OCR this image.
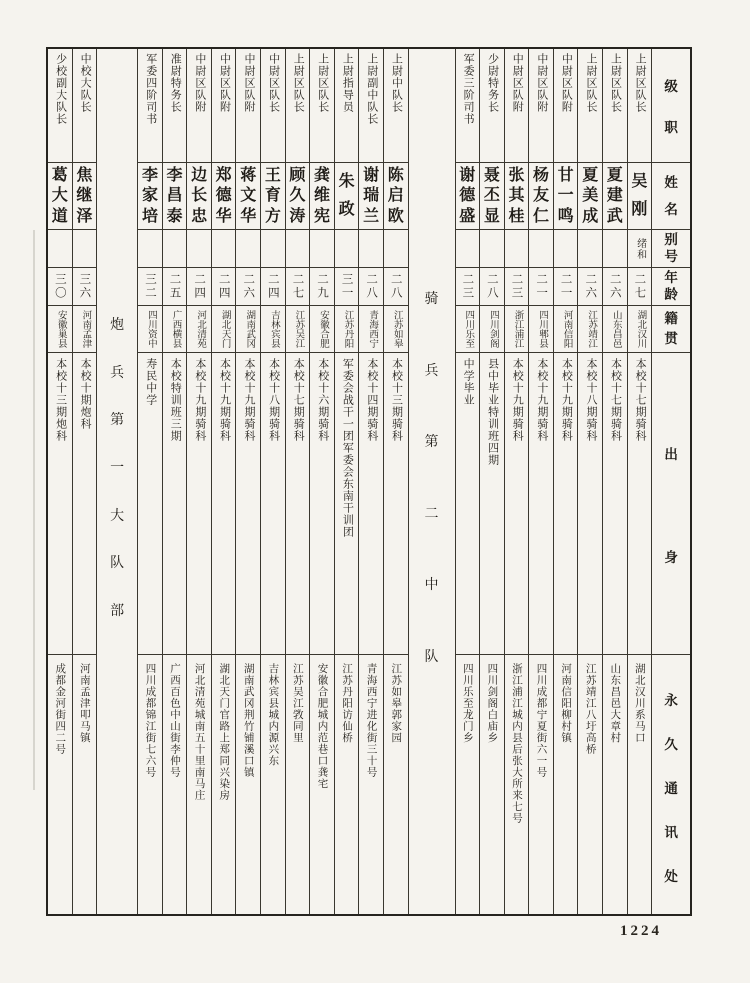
少校副大队长
葛
大
道
三〇
安徽巢县
本校十三期炮科
成都金河街四二号
中校大队长
焦
继
泽
三六
河南孟津
本校十期炮科
河南孟津叩马镇
炮
兵
第
一
大
队
部
军委四阶司书
李
家
培
三二
四川资中
寿民中学
四川成都锦江街七六号
准尉特务长
李
昌
泰
二五
广西横县
本校特训班三期
广西百色中山街李仲号
中尉区队附
边
长
忠
二四
河北清苑
本校十九期骑科
河北清苑城南五十里南马庄
中尉区队附
郑
德
华
二四
湖北天门
本校十九期骑科
湖北天门官路上郑同兴染房
中尉区队附
蒋
文
华
二六
湖南武冈
本校十九期骑科
湖南武冈荆竹铺溪口镇
中尉区队长
王
育
方
二四
吉林宾县
本校十八期骑科
吉林宾县城内源兴东
上尉区队长
顾
久
涛
二七
江苏吴江
本校十七期骑科
江苏吴江敩同里
上尉区队长
龚
维
宪
二九
安徽合肥
本校十六期骑科
安徽合肥城内范巷口龚宅
上尉指导员
朱
政
三一
江苏丹阳
军委会战干一团军委会东南干训团
江苏丹阳访仙桥
上尉副中队长
谢
瑞
兰
二八
青海西宁
本校十四期骑科
青海西宁进化街三十号
上尉中队长
陈
启
欧
二八
江苏如皋
本校十三期骑科
江苏如皋郭家园
骑
兵
第
二
中
队
军委三阶司书
谢
德
盛
二三
四川乐至
中学毕业
四川乐至龙门乡
少尉特务长
聂
丕
显
二八
四川剑阁
县中毕业特训班四期
四川剑阁白庙乡
中尉区队附
张
其
桂
二三
浙江浦江
本校十九期骑科
浙江浦江城内县后张大所来七号
中尉区队附
杨
友
仁
二一
四川郫县
本校十九期骑科
四川成都宁夏街六一号
中尉区队附
甘
一
鸣
二一
河南信阳
本校十九期骑科
河南信阳柳村镇
上尉区队长
夏
美
成
二六
江苏靖江
本校十八期骑科
江苏靖江八圩高桥
上尉区队长
夏
建
武
二六
山东昌邑
本校十七期骑科
山东昌邑大章村
上尉区队长
吴
刚
绪和
二七
湖北汉川
本校十七期骑科
湖北汉川系马口
级
职
姓
名
别
号
年
龄
籍
贯
出
身
永
久
通
讯
处
1224
